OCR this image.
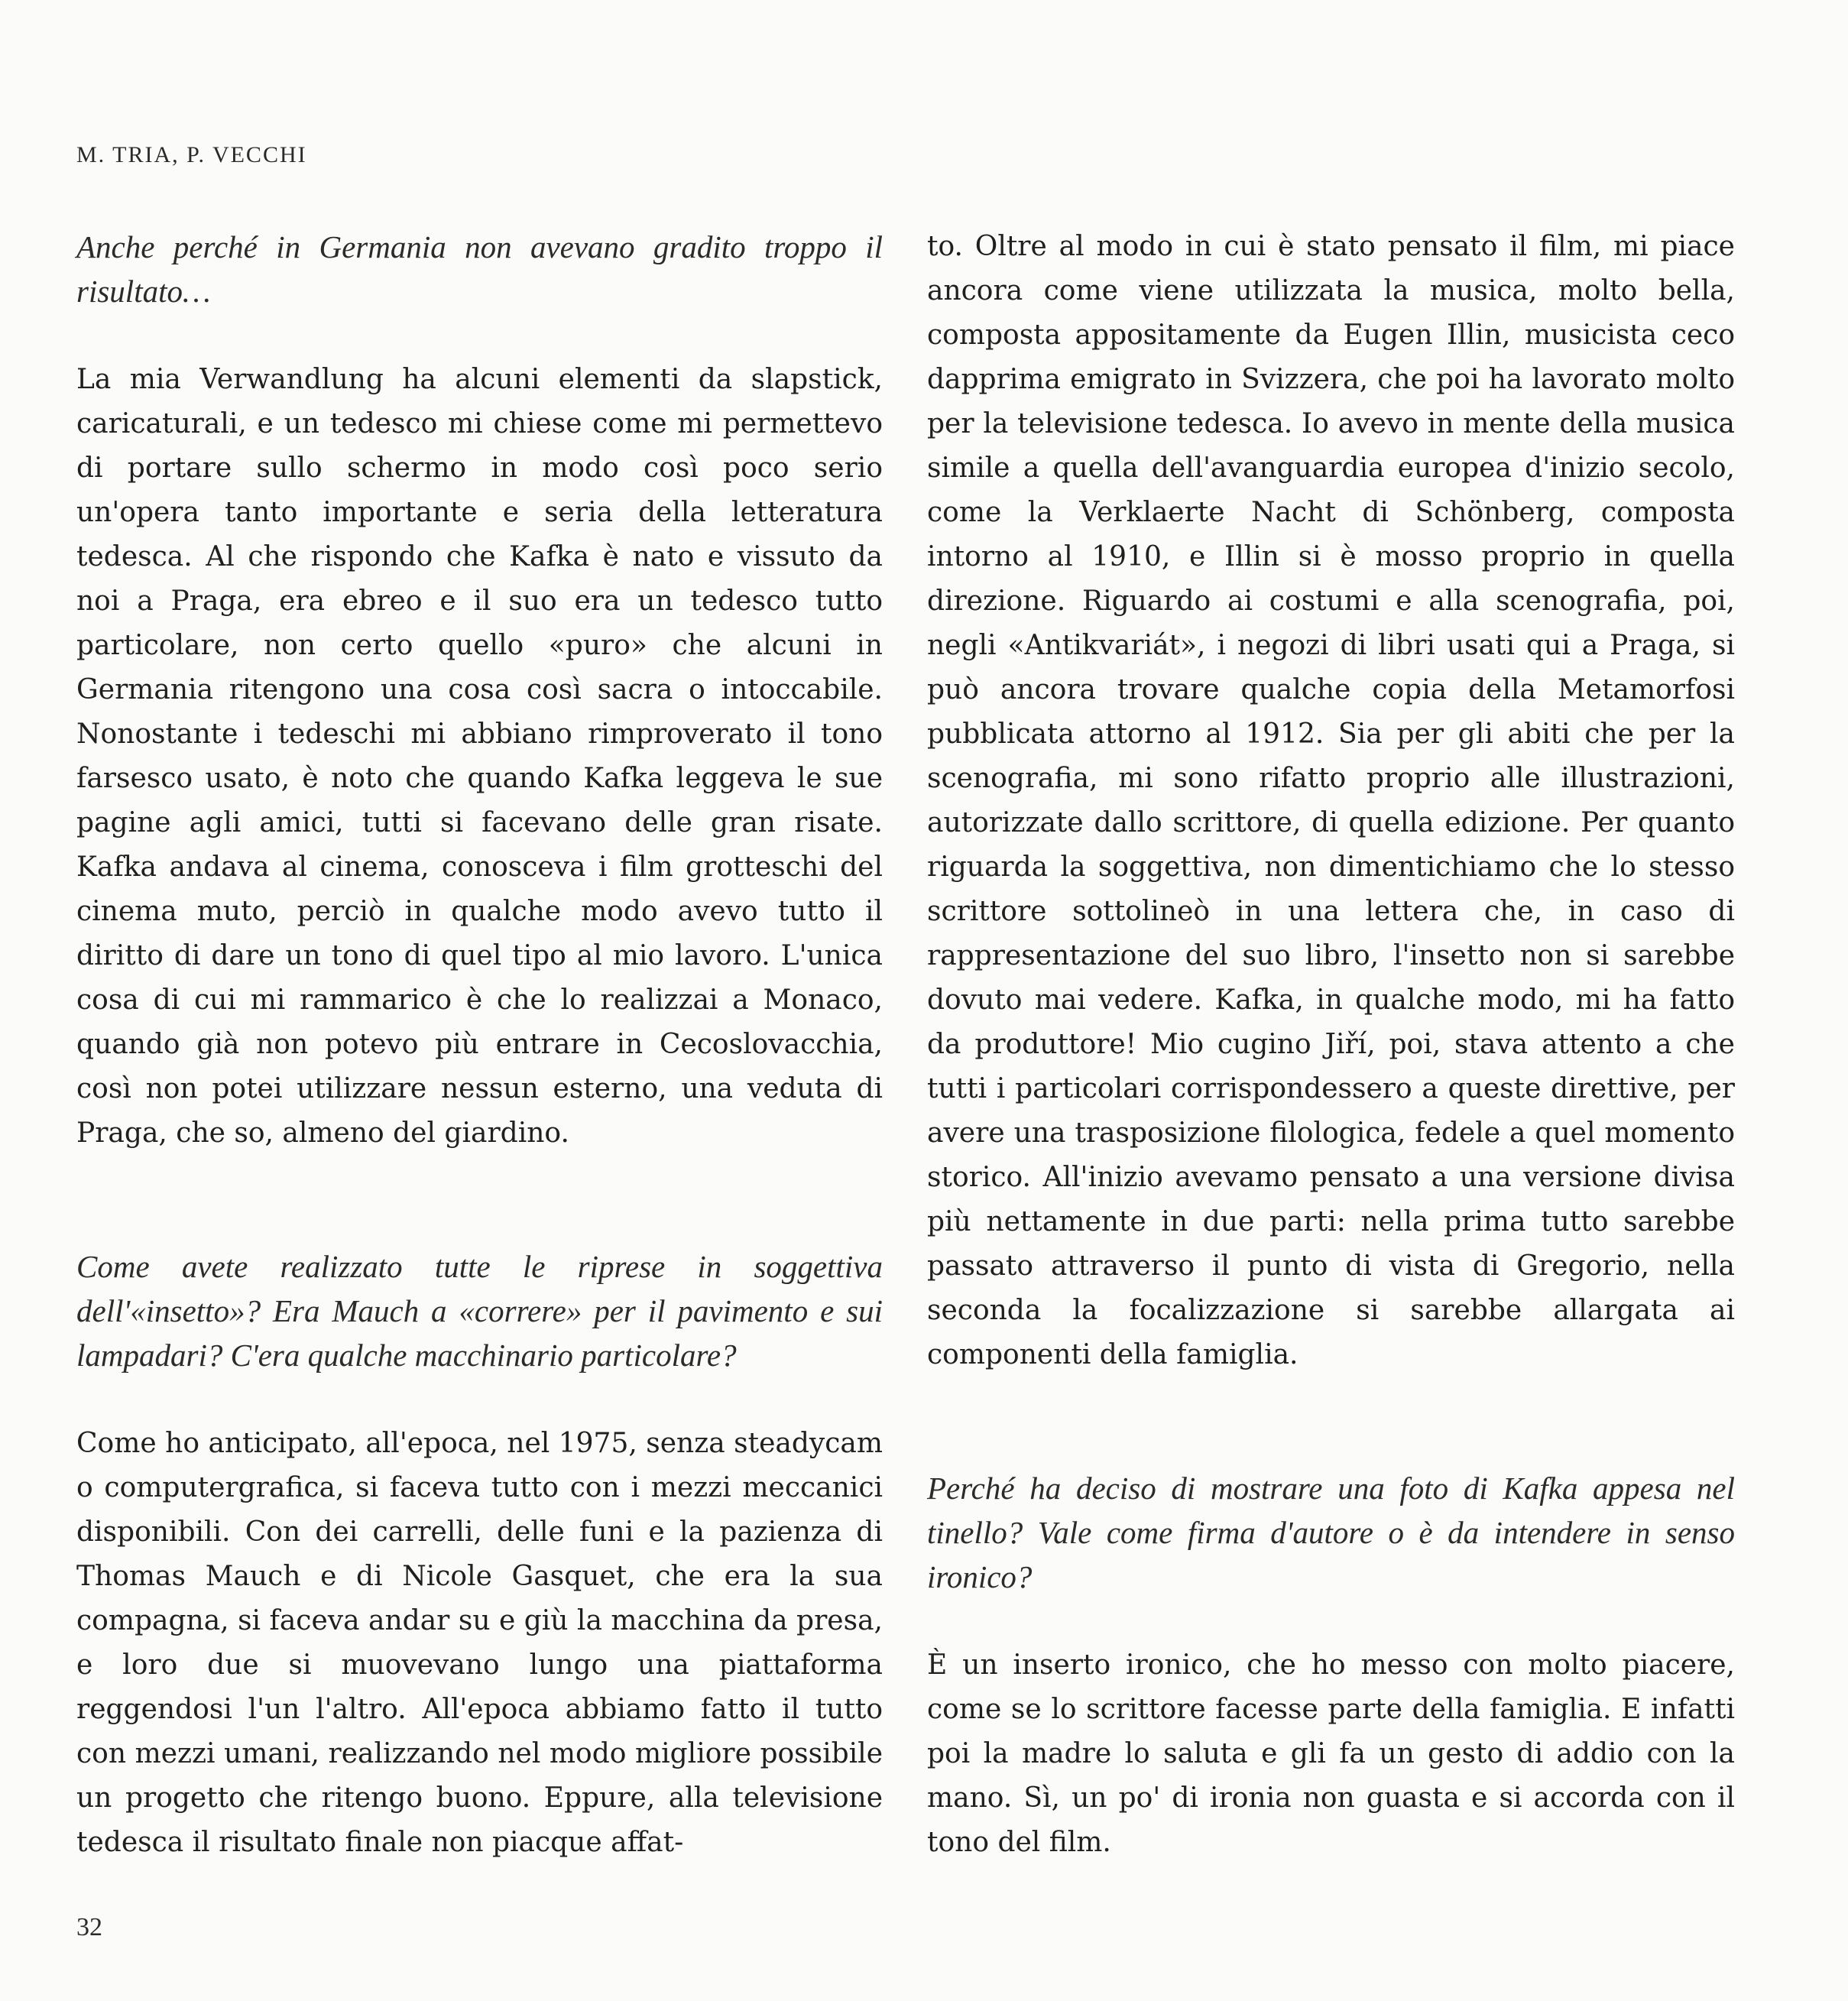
M. TRIA, P. VECCHI

Anche perché in Germania non avevano gradito troppo il risultato…

La mia Verwandlung ha alcuni elementi da slapstick, caricaturali, e un tedesco mi chiese come mi permettevo di portare sullo schermo in modo così poco serio un'opera tanto importante e seria della letteratura tedesca. Al che rispondo che Kafka è nato e vissuto da noi a Praga, era ebreo e il suo era un tedesco tutto particolare, non certo quello «puro» che alcuni in Germania ritengono una cosa così sacra o intoccabile. Nonostante i tedeschi mi abbiano rimproverato il tono farsesco usato, è noto che quando Kafka leggeva le sue pagine agli amici, tutti si facevano delle gran risate. Kafka andava al cinema, conosceva i film grotteschi del cinema muto, perciò in qualche modo avevo tutto il diritto di dare un tono di quel tipo al mio lavoro. L'unica cosa di cui mi rammarico è che lo realizzai a Monaco, quando già non potevo più entrare in Cecoslovacchia, così non potei utilizzare nessun esterno, una veduta di Praga, che so, almeno del giardino.

Come avete realizzato tutte le riprese in soggettiva dell'«insetto»? Era Mauch a «correre» per il pavimento e sui lampadari? C'era qualche macchinario particolare?

Come ho anticipato, all'epoca, nel 1975, senza steadycam o computergrafica, si faceva tutto con i mezzi meccanici disponibili. Con dei carrelli, delle funi e la pazienza di Thomas Mauch e di Nicole Gasquet, che era la sua compagna, si faceva andar su e giù la macchina da presa, e loro due si muovevano lungo una piattaforma reggendosi l'un l'altro. All'epoca abbiamo fatto il tutto con mezzi umani, realizzando nel modo migliore possibile un progetto che ritengo buono. Eppure, alla televisione tedesca il risultato finale non piacque affat-

to. Oltre al modo in cui è stato pensato il film, mi piace ancora come viene utilizzata la musica, molto bella, composta appositamente da Eugen Illin, musicista ceco dapprima emigrato in Svizzera, che poi ha lavorato molto per la televisione tedesca. Io avevo in mente della musica simile a quella dell'avanguardia europea d'inizio secolo, come la Verklaerte Nacht di Schönberg, composta intorno al 1910, e Illin si è mosso proprio in quella direzione. Riguardo ai costumi e alla scenografia, poi, negli «Antikvariát», i negozi di libri usati qui a Praga, si può ancora trovare qualche copia della Metamorfosi pubblicata attorno al 1912. Sia per gli abiti che per la scenografia, mi sono rifatto proprio alle illustrazioni, autorizzate dallo scrittore, di quella edizione. Per quanto riguarda la soggettiva, non dimentichiamo che lo stesso scrittore sottolineò in una lettera che, in caso di rappresentazione del suo libro, l'insetto non si sarebbe dovuto mai vedere. Kafka, in qualche modo, mi ha fatto da produttore! Mio cugino Jiří, poi, stava attento a che tutti i particolari corrispondessero a queste direttive, per avere una trasposizione filologica, fedele a quel momento storico. All'inizio avevamo pensato a una versione divisa più nettamente in due parti: nella prima tutto sarebbe passato attraverso il punto di vista di Gregorio, nella seconda la focalizzazione si sarebbe allargata ai componenti della famiglia.

Perché ha deciso di mostrare una foto di Kafka appesa nel tinello? Vale come firma d'autore o è da intendere in senso ironico?

È un inserto ironico, che ho messo con molto piacere, come se lo scrittore facesse parte della famiglia. E infatti poi la madre lo saluta e gli fa un gesto di addio con la mano. Sì, un po' di ironia non guasta e si accorda con il tono del film.

32
